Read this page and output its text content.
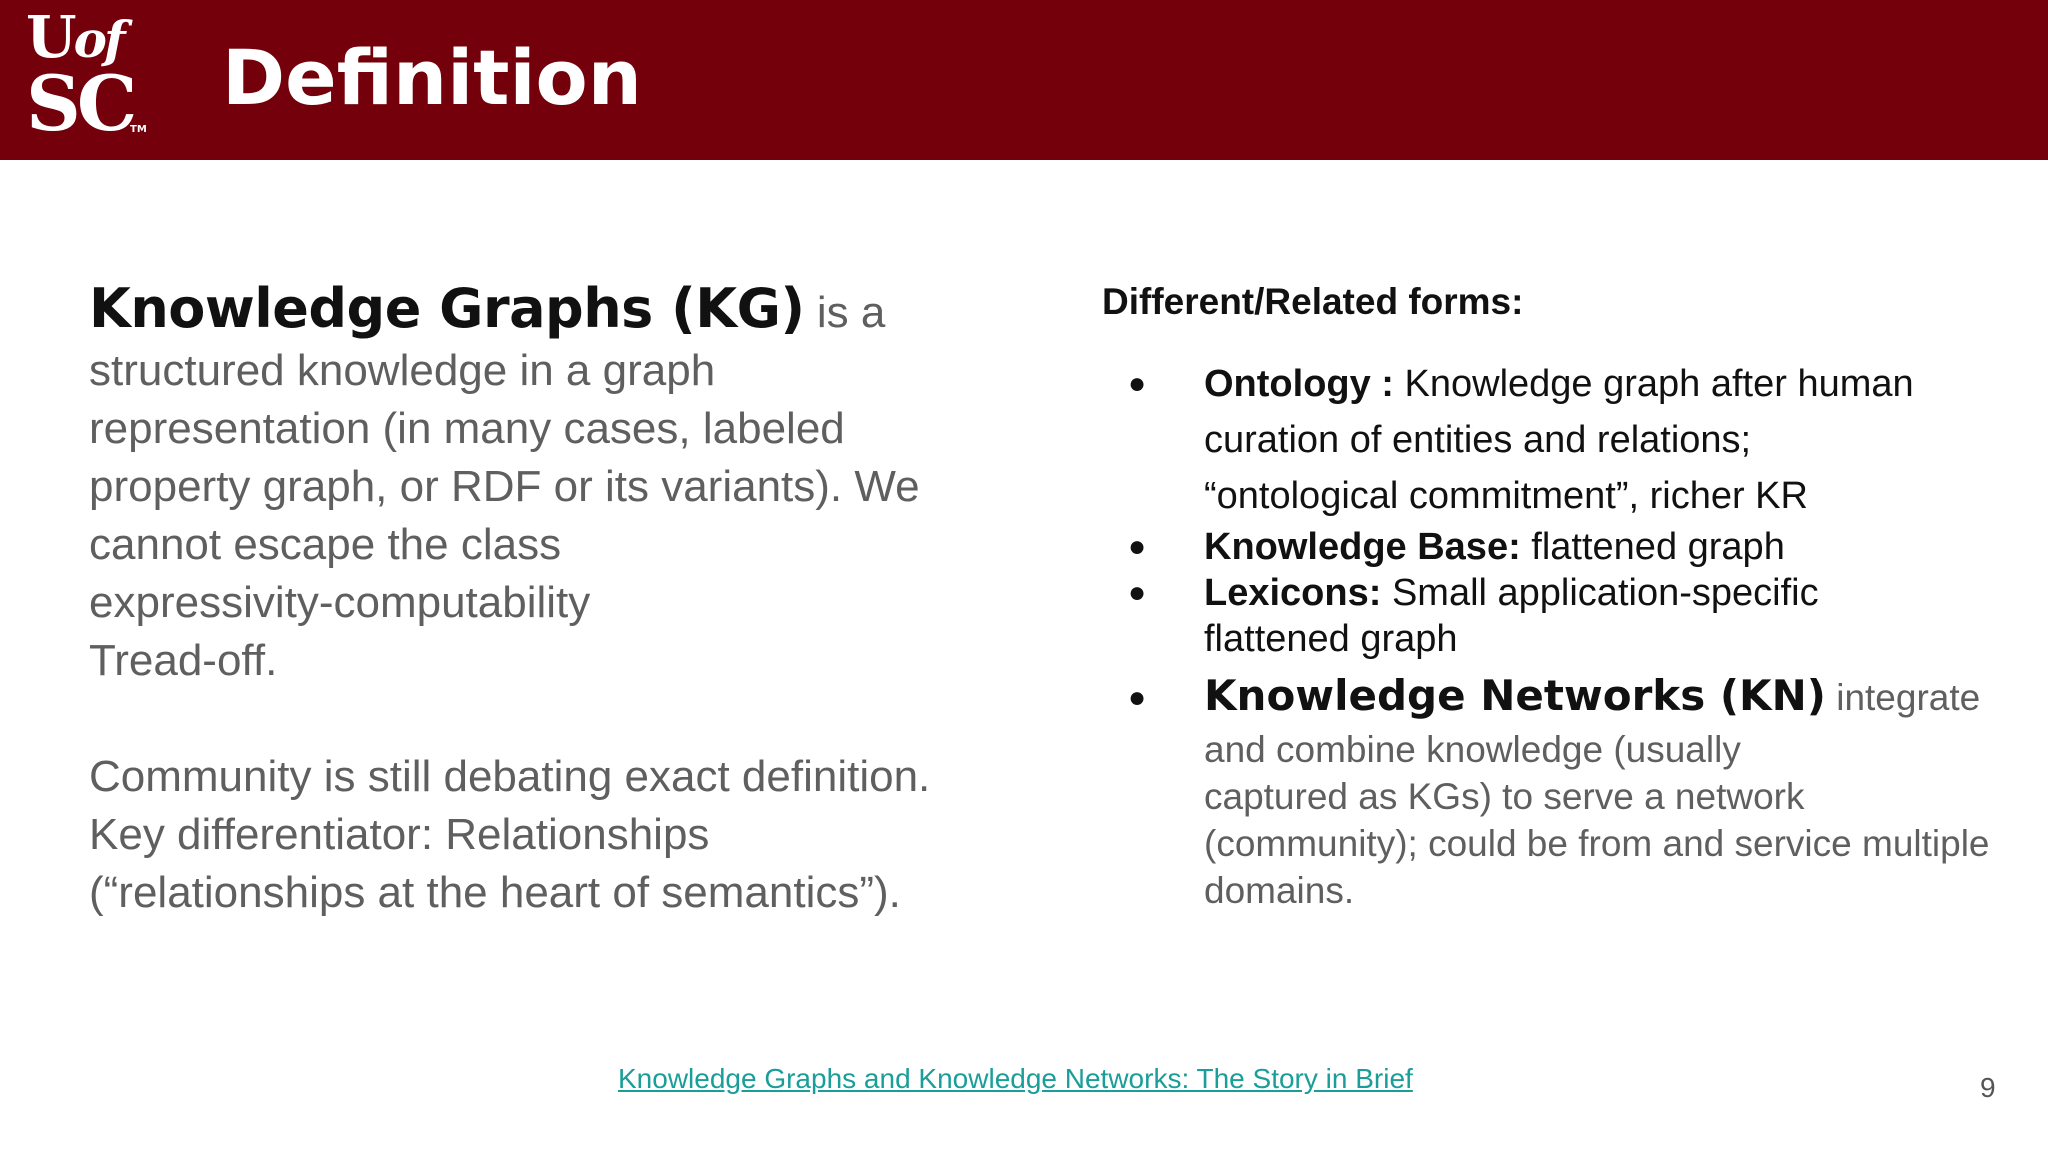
Uof
SC
TM
Definition

Knowledge Graphs (KG) is a
structured knowledge in a graph
representation (in many cases, labeled
property graph, or RDF or its variants). We
cannot escape the class
expressivity-computability
Tread-off.

Community is still debating exact definition.
Key differentiator: Relationships
(“relationships at the heart of semantics”).

Different/Related forms:
● Ontology : Knowledge graph after human
curation of entities and relations;
“ontological commitment”, richer KR
● Knowledge Base: flattened graph
● Lexicons: Small application-specific
flattened graph
● Knowledge Networks (KN) integrate
and combine knowledge (usually
captured as KGs) to serve a network
(community); could be from and service multiple
domains.
Knowledge Graphs and Knowledge Networks: The Story in Brief	9
